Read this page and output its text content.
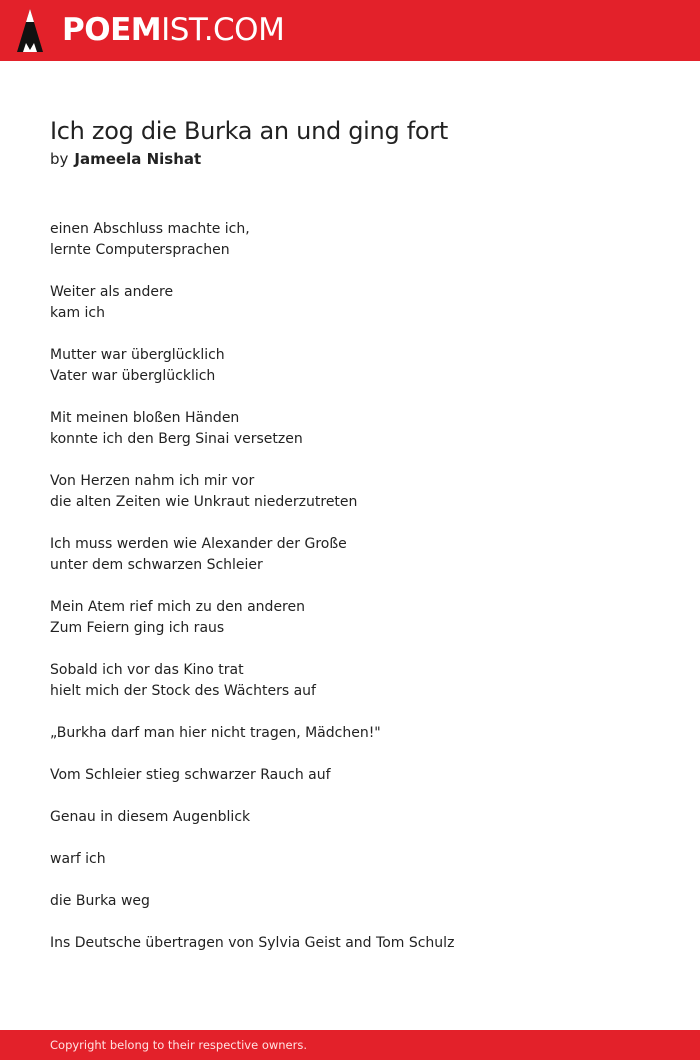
POEMIST.COM
Ich zog die Burka an und ging fort
by Jameela Nishat
einen Abschluss machte ich,
lernte Computersprachen
Weiter als andere
kam ich
Mutter war überglücklich
Vater war überglücklich
Mit meinen bloßen Händen
konnte ich den Berg Sinai versetzen
Von Herzen nahm ich mir vor
die alten Zeiten wie Unkraut niederzutreten
Ich muss werden wie Alexander der Große
unter dem schwarzen Schleier
Mein Atem rief mich zu den anderen
Zum Feiern ging ich raus
Sobald ich vor das Kino trat
hielt mich der Stock des Wächters auf
„Burkha darf man hier nicht tragen, Mädchen!"
Vom Schleier stieg schwarzer Rauch auf
Genau in diesem Augenblick
warf ich
die Burka weg
Ins Deutsche übertragen von Sylvia Geist and Tom Schulz
Copyright belong to their respective owners.
